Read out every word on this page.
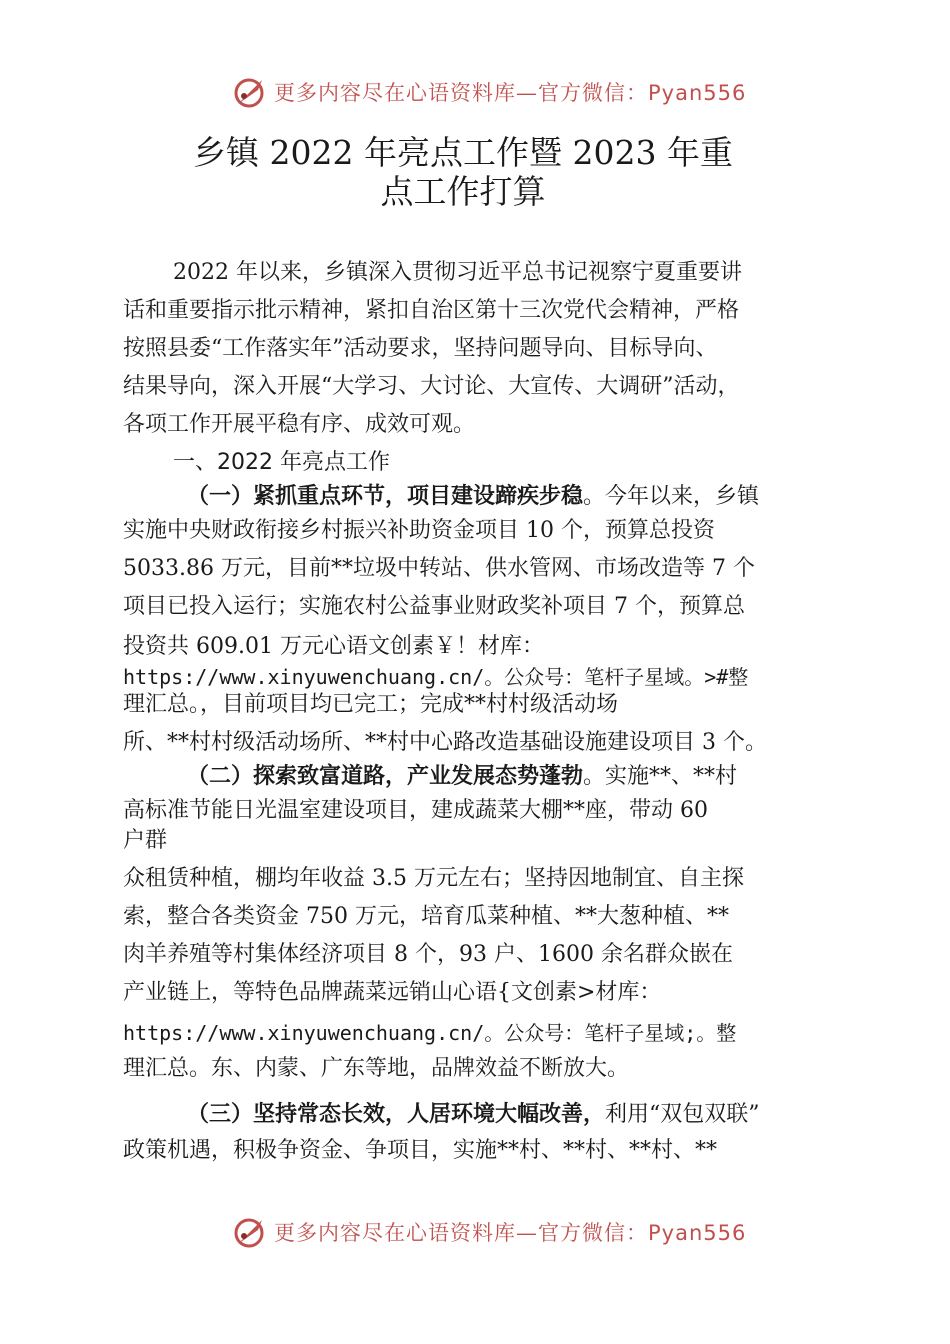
更多内容尽在心语资料库—官方微信：Pyan556
乡镇 2022 年亮点工作暨 2023 年重
点工作打算
2022 年以来，乡镇深入贯彻习近平总书记视察宁夏重要讲
话和重要指示批示精神，紧扣自治区第十三次党代会精神，严格
按照县委“工作落实年”活动要求，坚持问题导向、目标导向、
结果导向，深入开展“大学习、大讨论、大宣传、大调研”活动，
各项工作开展平稳有序、成效可观。
一、2022 年亮点工作
（一）紧抓重点环节，项目建设蹄疾步稳。今年以来，乡镇
实施中央财政衔接乡村振兴补助资金项目 10 个，预算总投资
5033.86 万元，目前**垃圾中转站、供水管网、市场改造等 7 个
项目已投入运行；实施农村公益事业财政奖补项目 7 个，预算总
投资共 609.01 万元心语文创素￥！材库：
https://www.xinyuwenchuang.cn/。公众号：笔杆子星域。>#整
理汇总。，目前项目均已完工；完成**村村级活动场
所、**村村级活动场所、**村中心路改造基础设施建设项目 3 个。
（二）探索致富道路，产业发展态势蓬勃。实施**、**村
高标准节能日光温室建设项目，建成蔬菜大棚**座，带动 60
户群
众租赁种植，棚均年收益 3.5 万元左右；坚持因地制宜、自主探
索，整合各类资金 750 万元，培育瓜菜种植、**大葱种植、**
肉羊养殖等村集体经济项目 8 个，93 户、1600 余名群众嵌在
产业链上，等特色品牌蔬菜远销山心语{文创素>材库：
https://www.xinyuwenchuang.cn/。公众号：笔杆子星域;。整
理汇总。东、内蒙、广东等地，品牌效益不断放大。
（三）坚持常态长效，人居环境大幅改善，利用“双包双联”
政策机遇，积极争资金、争项目，实施**村、**村、**村、**
更多内容尽在心语资料库—官方微信：Pyan556
